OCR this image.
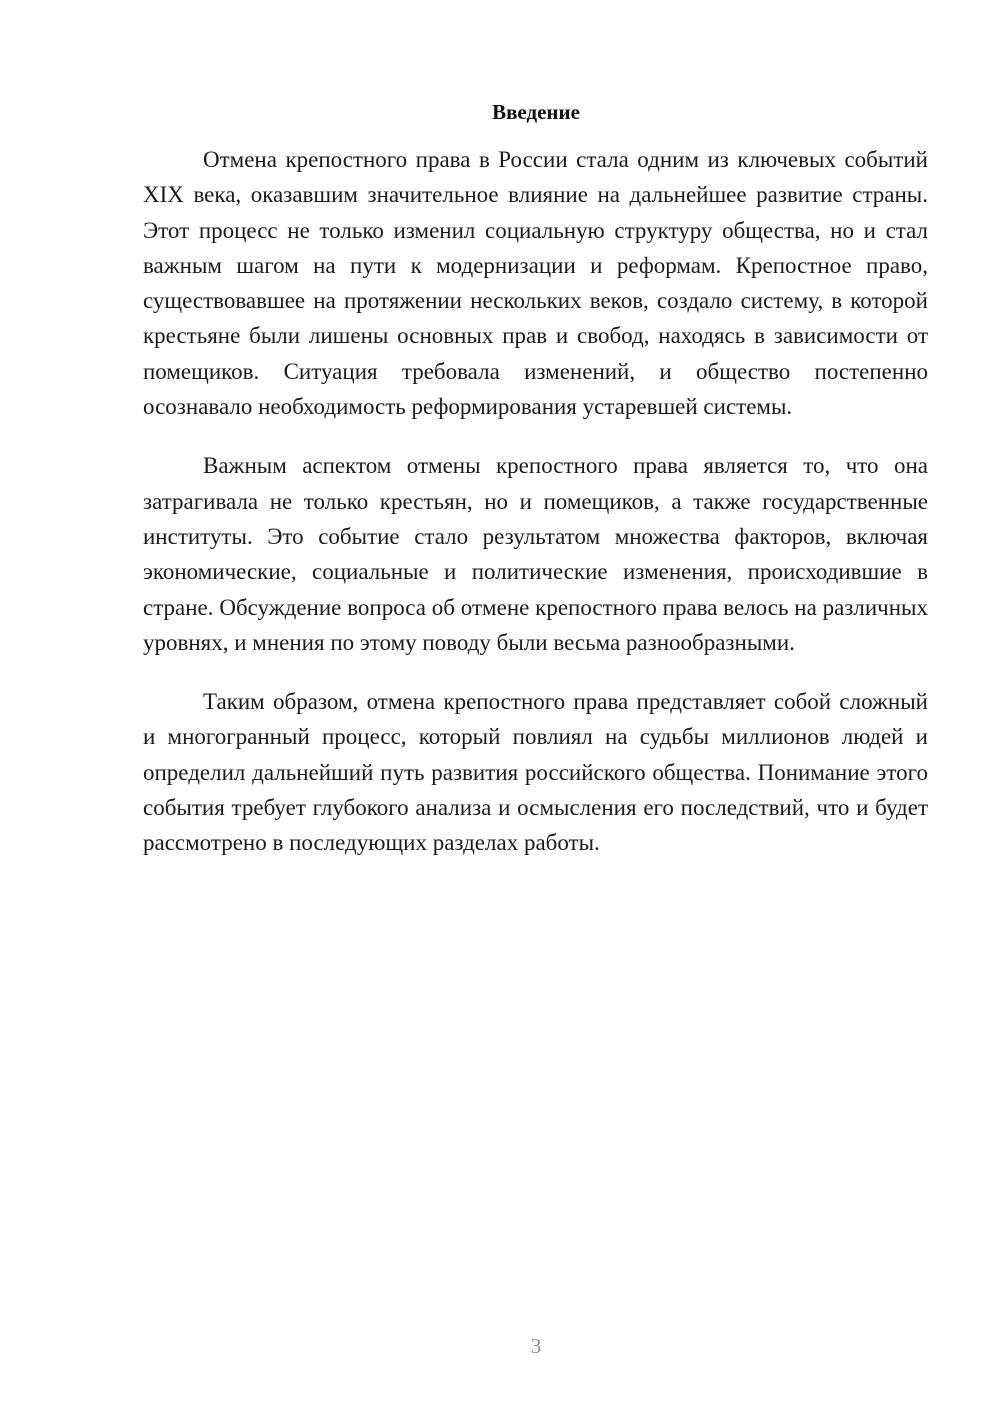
Введение

Отмена крепостного права в России стала одним из ключевых событий XIX века, оказавшим значительное влияние на дальнейшее развитие страны. Этот процесс не только изменил социальную структуру общества, но и стал важным шагом на пути к модернизации и реформам. Крепостное право, существовавшее на протяжении нескольких веков, создало систему, в которой крестьяне были лишены основных прав и свобод, находясь в зависимости от помещиков. Ситуация требовала изменений, и общество постепенно осознавало необходимость реформирования устаревшей системы.

Важным аспектом отмены крепостного права является то, что она затрагивала не только крестьян, но и помещиков, а также государственные институты. Это событие стало результатом множества факторов, включая экономические, социальные и политические изменения, происходившие в стране. Обсуждение вопроса об отмене крепостного права велось на различных уровнях, и мнения по этому поводу были весьма разнообразными.

Таким образом, отмена крепостного права представляет собой сложный и многогранный процесс, который повлиял на судьбы миллионов людей и определил дальнейший путь развития российского общества. Понимание этого события требует глубокого анализа и осмысления его последствий, что и будет рассмотрено в последующих разделах работы.

3
